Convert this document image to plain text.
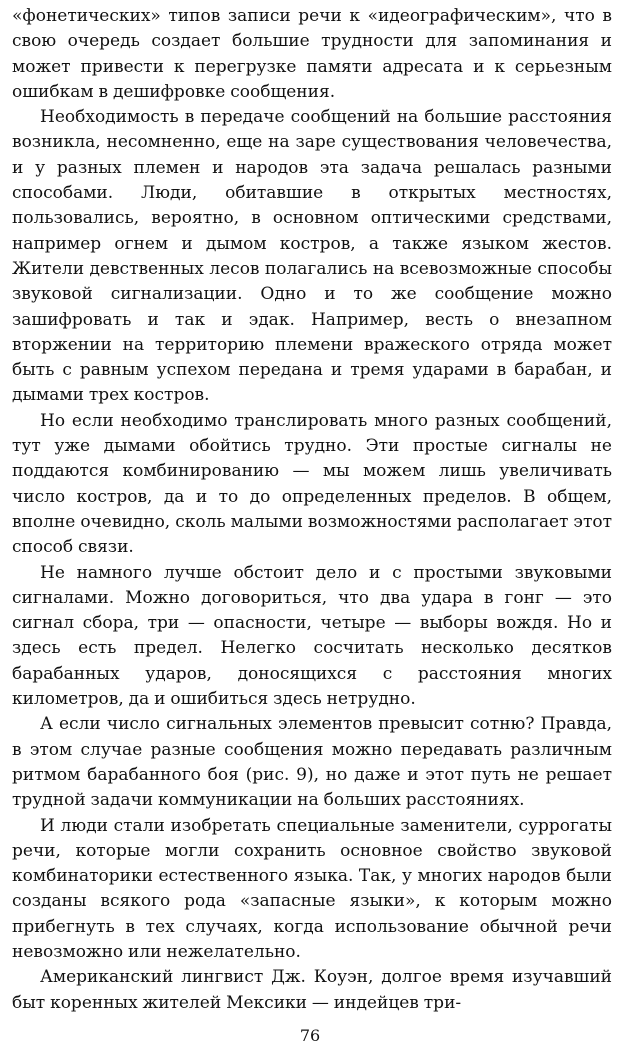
«фонетических» типов записи речи к «идеографическим», что в свою очередь создает большие трудности для запоминания и может привести к перегрузке памяти адресата и к серьезным ошибкам в дешифровке сообщения.

Необходимость в передаче сообщений на большие расстояния возникла, несомненно, еще на заре существования человечества, и у разных племен и народов эта задача решалась разными способами. Люди, обитавшие в открытых местностях, пользовались, вероятно, в основном оптическими средствами, например огнем и дымом костров, а также языком жестов. Жители девственных лесов полагались на всевозможные способы звуковой сигнализации. Одно и то же сообщение можно зашифровать и так и эдак. Например, весть о внезапном вторжении на территорию племени вражеского отряда может быть с равным успехом передана и тремя ударами в барабан, и дымами трех костров.

Но если необходимо транслировать много разных сообщений, тут уже дымами обойтись трудно. Эти простые сигналы не поддаются комбинированию — мы можем лишь увеличивать число костров, да и то до определенных пределов. В общем, вполне очевидно, сколь малыми возможностями располагает этот способ связи.

Не намного лучше обстоит дело и с простыми звуковыми сигналами. Можно договориться, что два удара в гонг — это сигнал сбора, три — опасности, четыре — выборы вождя. Но и здесь есть предел. Нелегко сосчитать несколько десятков барабанных ударов, доносящихся с расстояния многих километров, да и ошибиться здесь нетрудно.

А если число сигнальных элементов превысит сотню? Правда, в этом случае разные сообщения можно передавать различным ритмом барабанного боя (рис. 9), но даже и этот путь не решает трудной задачи коммуникации на больших расстояниях.

И люди стали изобретать специальные заменители, суррогаты речи, которые могли сохранить основное свойство звуковой комбинаторики естественного языка. Так, у многих народов были созданы всякого рода «запасные языки», к которым можно прибегнуть в тех случаях, когда использование обычной речи невозможно или нежелательно.

Американский лингвист Дж. Коуэн, долгое время изучавший быт коренных жителей Мексики — индейцев три-

76
